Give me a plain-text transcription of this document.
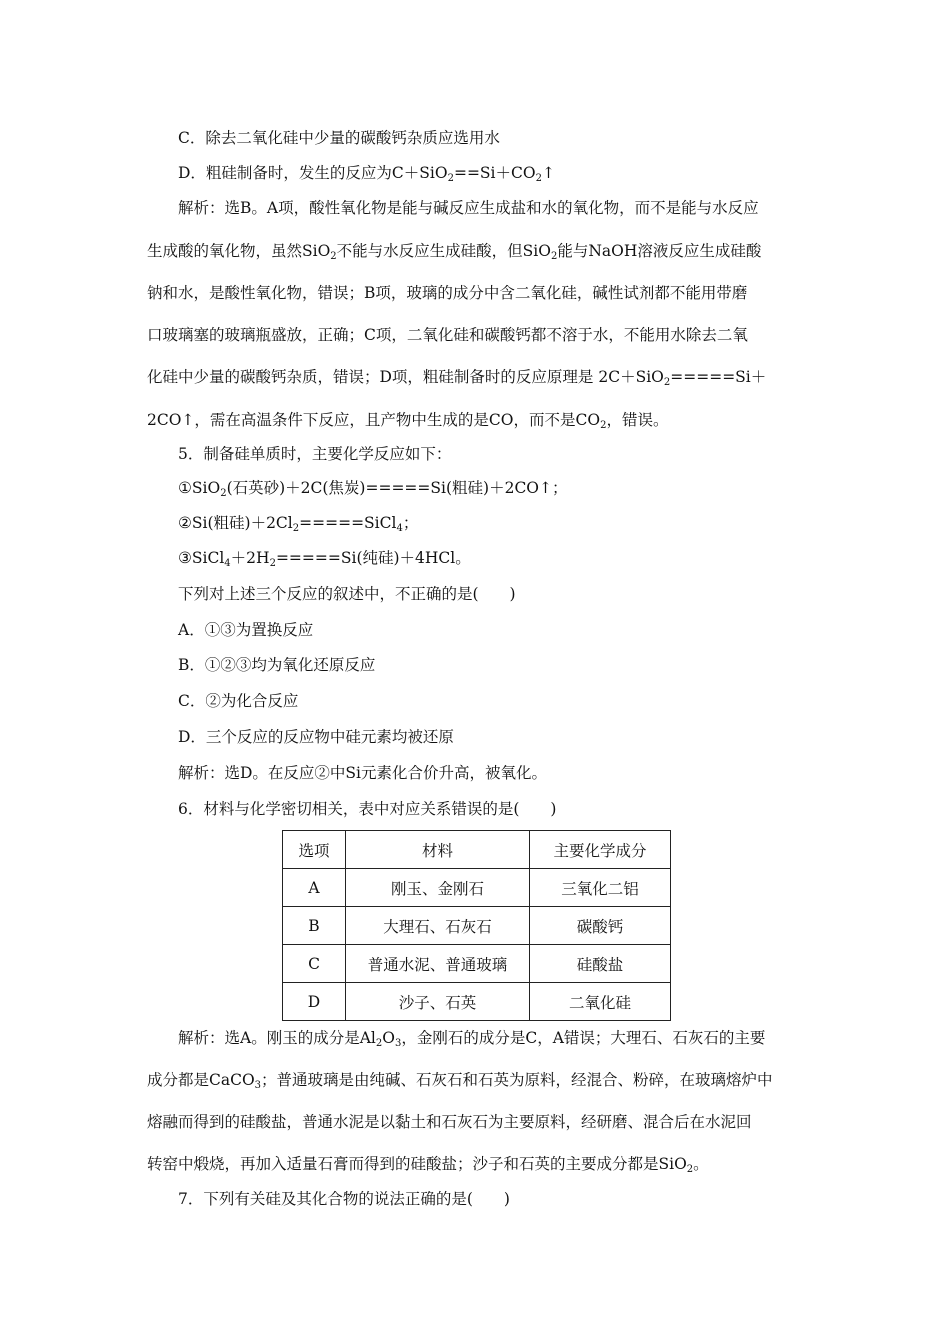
C．除去二氧化硅中少量的碳酸钙杂质应选用水
D．粗硅制备时，发生的反应为$C+SiO_2==Si+CO_2↑$
解析：选B。A项，酸性氧化物是能与碱反应生成盐和水的氧化物，而不是能与水反应
生成酸的氧化物，虽然SiO$_2$不能与水反应生成硅酸，但SiO$_2$能与NaOH溶液反应生成硅酸
钠和水，是酸性氧化物，错误；B项，玻璃的成分中含二氧化硅，碱性试剂都不能用带磨
口玻璃塞的玻璃瓶盛放，正确；C项，二氧化硅和碳酸钙都不溶于水，不能用水除去二氧
化硅中少量的碳酸钙杂质，错误；D项，粗硅制备时的反应原理是 2C＋SiO$_2$=====Si＋
2CO↑，需在高温条件下反应，且产物中生成的是CO，而不是$CO_2$，错误。
5．制备硅单质时，主要化学反应如下：
①SiO$_2$(石英砂)＋2C(焦炭)=====Si(粗硅)＋2CO↑；
②Si(粗硅)$+2Cl_2=====SiCl_4$；
$③SiCl_4+2H_2=====Si$(纯硅)＋4HCl。
下列对上述三个反应的叙述中，不正确的是(　　)
A．①③为置换反应
B．①②③均为氧化还原反应
C．②为化合反应
D．三个反应的反应物中硅元素均被还原
解析：选D。在反应②中Si元素化合价升高，被氧化。
6．材料与化学密切相关，表中对应关系错误的是(　　)
选项	材料	主要化学成分
A	刚玉、金刚石	三氧化二铝
B	大理石、石灰石	碳酸钙
C	普通水泥、普通玻璃	硅酸盐
D	沙子、石英	二氧化硅
解析：选A。刚玉的成分是$Al_2O_3$，金刚石的成分是C，A错误；大理石、石灰石的主要
成分都是CaCO$_3$；普通玻璃是由纯碱、石灰石和石英为原料，经混合、粉碎，在玻璃熔炉中
熔融而得到的硅酸盐，普通水泥是以黏土和石灰石为主要原料，经研磨、混合后在水泥回
转窑中煅烧，再加入适量石膏而得到的硅酸盐；沙子和石英的主要成分都是SiO$_2$。
7．下列有关硅及其化合物的说法正确的是(　　)
